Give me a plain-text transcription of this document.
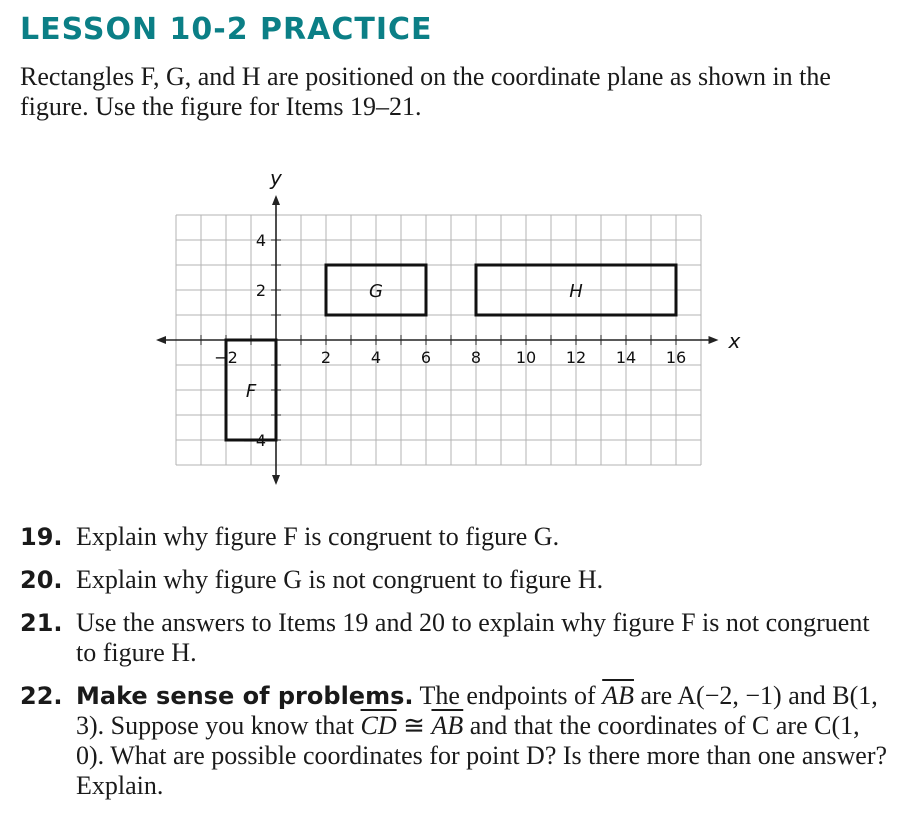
LESSON 10-2 PRACTICE
Rectangles F, G, and H are positioned on the coordinate plane as shown in the figure. Use the figure for Items 19–21.
F
G	H
−2	2 4 6 8 10 12 14 16
4
2
−4
x
y
19. Explain why figure F is congruent to figure G.
20. Explain why figure G is not congruent to figure H.
21. Use the answers to Items 19 and 20 to explain why figure F is not congruent to figure H.
22. Make sense of problems. The endpoints of $\overline{AB}$ are A(−2, −1) and B(1, 3). Suppose you know that $\overline{CD}$ ≅ $\overline{AB}$ and that the coordinates of C are C(1, 0). What are possible coordinates for point D? Is there more than one answer? Explain.
